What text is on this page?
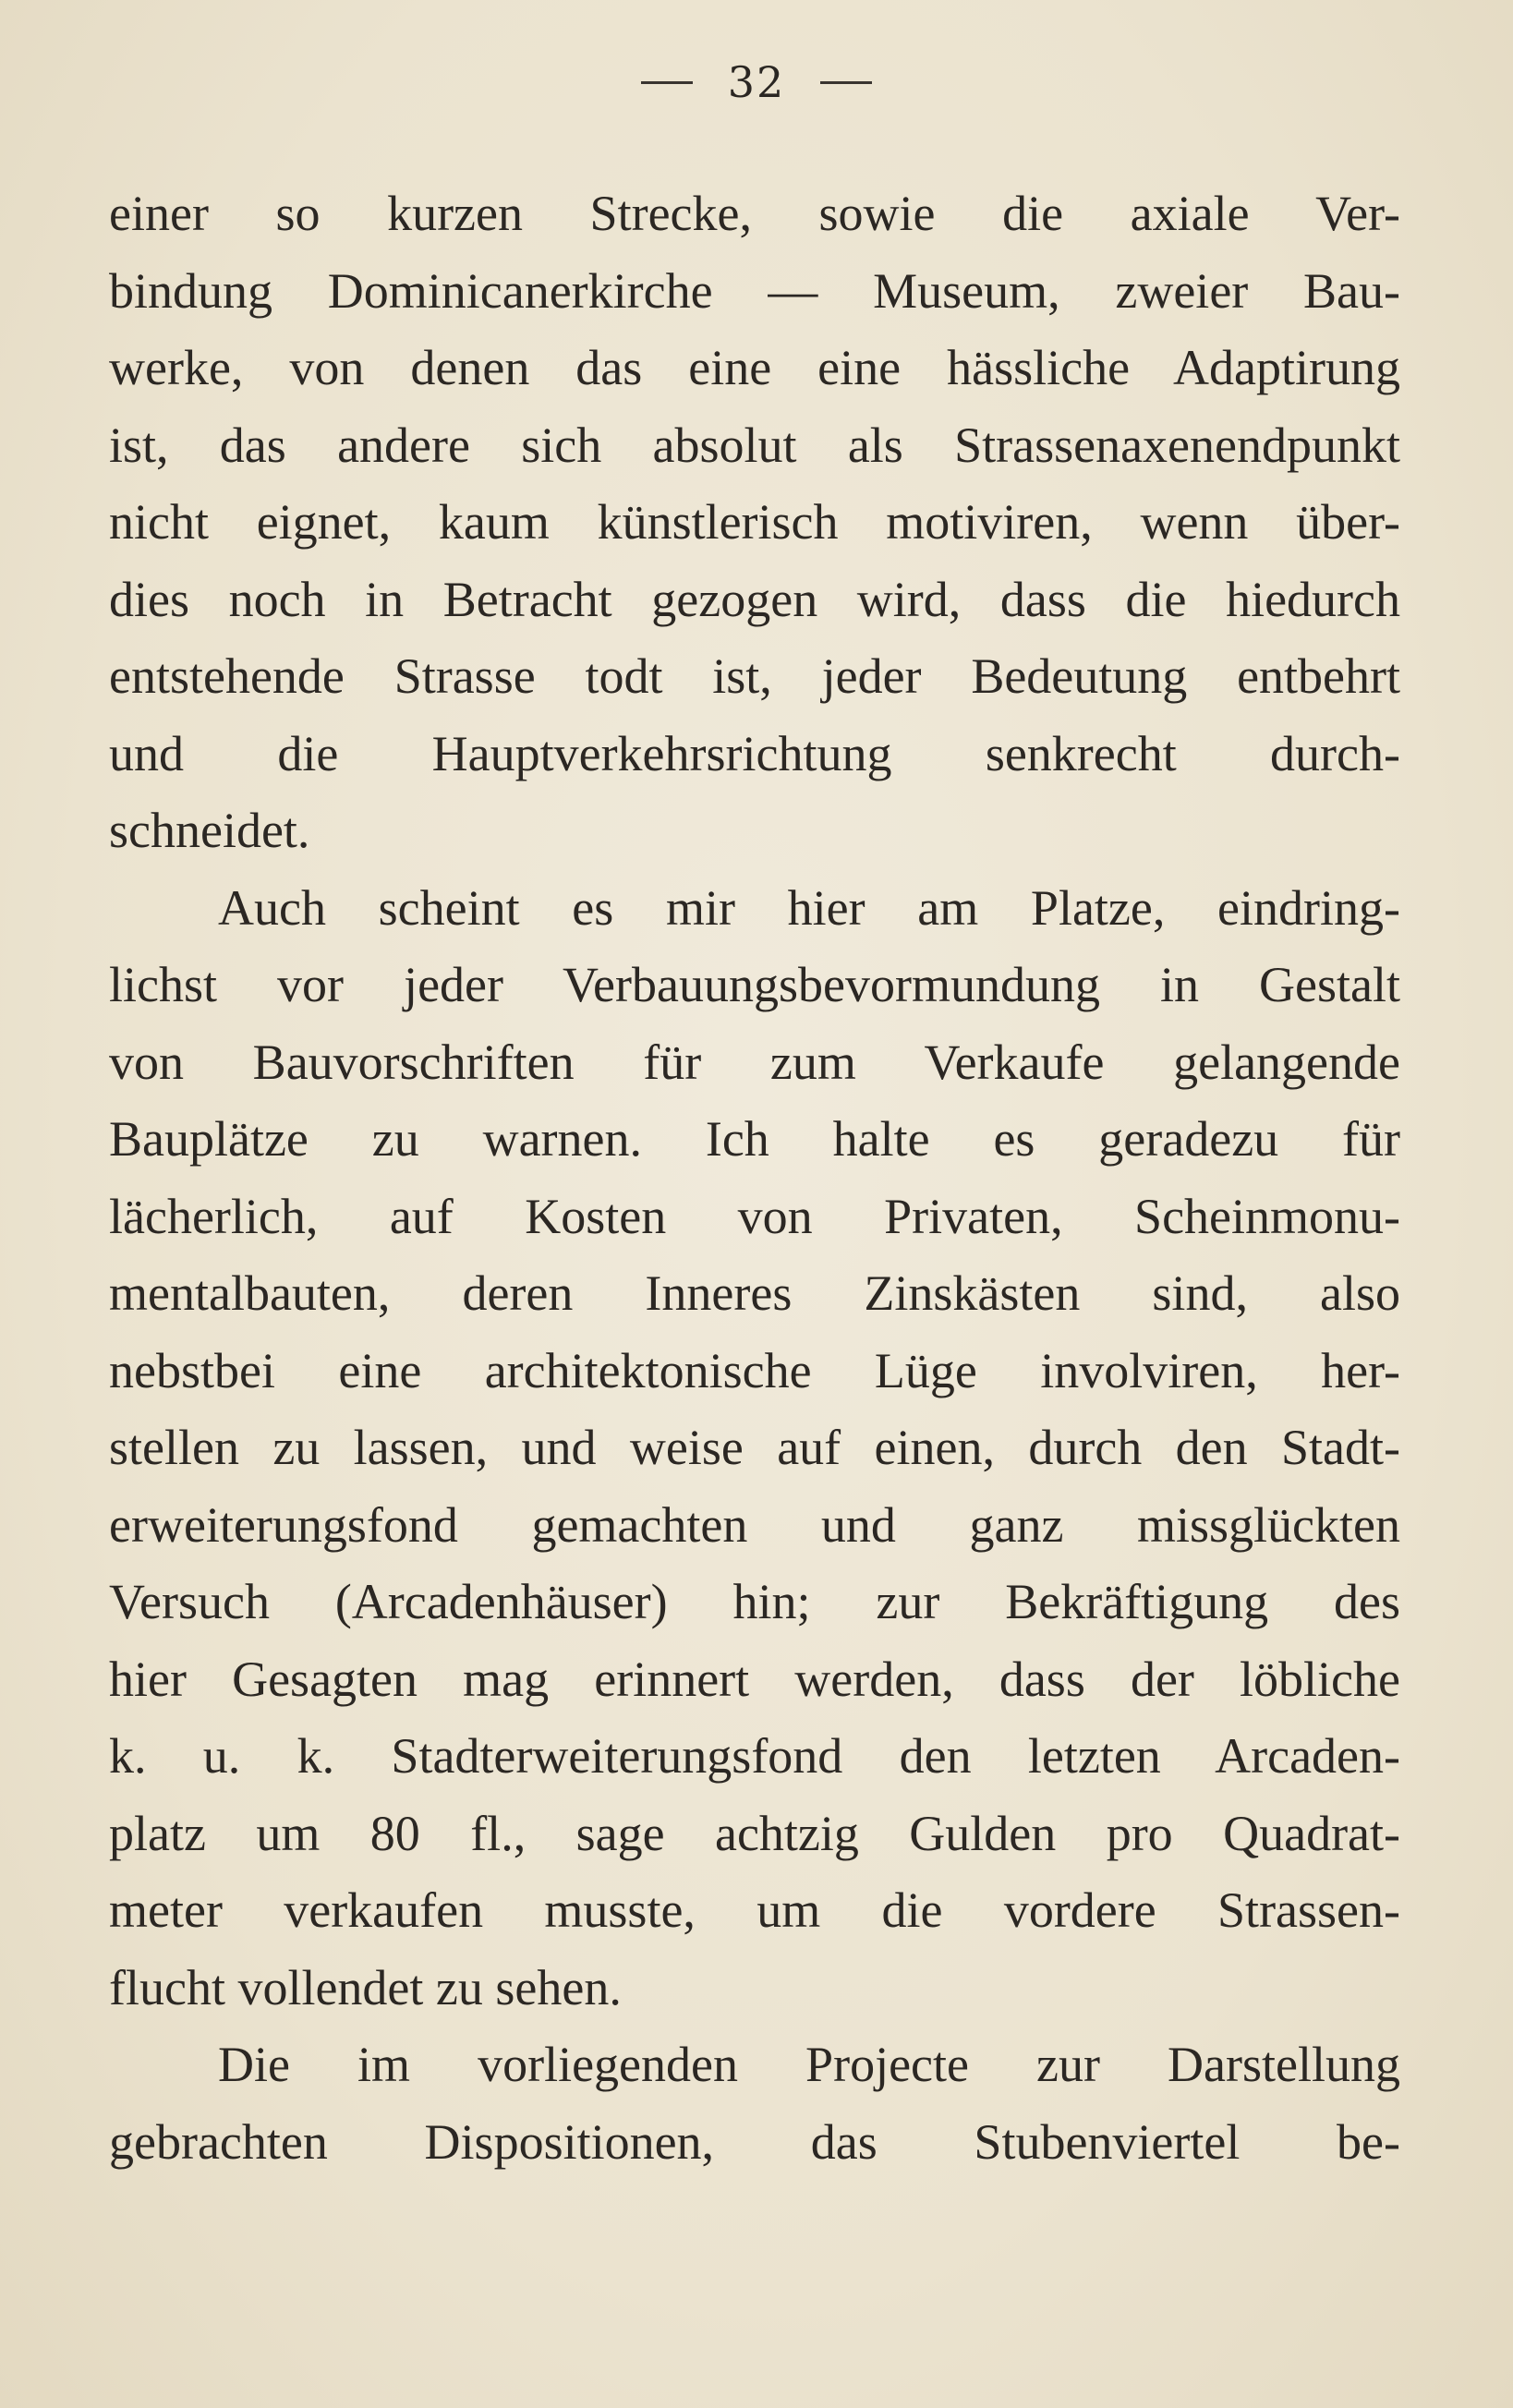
32
einer so kurzen Strecke, sowie die axiale Ver-
bindung Dominicanerkirche — Museum, zweier Bau-
werke, von denen das eine eine hässliche Adaptirung
ist, das andere sich absolut als Strassenaxenendpunkt
nicht eignet, kaum künstlerisch motiviren, wenn über-
dies noch in Betracht gezogen wird, dass die hiedurch
entstehende Strasse todt ist, jeder Bedeutung entbehrt
und die Hauptverkehrsrichtung senkrecht durch-
schneidet.
Auch scheint es mir hier am Platze, eindring-
lichst vor jeder Verbauungsbevormundung in Gestalt
von Bauvorschriften für zum Verkaufe gelangende
Bauplätze zu warnen. Ich halte es geradezu für
lächerlich, auf Kosten von Privaten, Scheinmonu-
mentalbauten, deren Inneres Zinskästen sind, also
nebstbei eine architektonische Lüge involviren, her-
stellen zu lassen, und weise auf einen, durch den Stadt-
erweiterungsfond gemachten und ganz missglückten
Versuch (Arcadenhäuser) hin; zur Bekräftigung des
hier Gesagten mag erinnert werden, dass der löbliche
k. u. k. Stadterweiterungsfond den letzten Arcaden-
platz um 80 fl., sage achtzig Gulden pro Quadrat-
meter verkaufen musste, um die vordere Strassen-
flucht vollendet zu sehen.
Die im vorliegenden Projecte zur Darstellung
gebrachten Dispositionen, das Stubenviertel be-
